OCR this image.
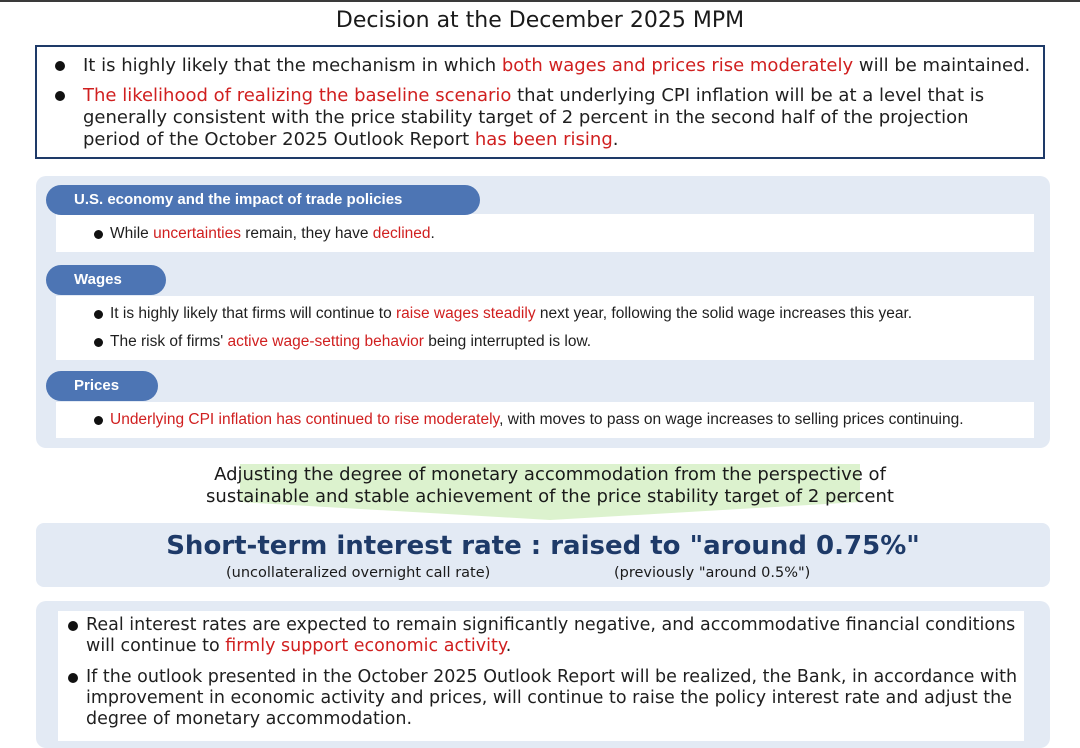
Decision at the December 2025 MPM
It is highly likely that the mechanism in which both wages and prices rise moderately will be maintained.
The likelihood of realizing the baseline scenario that underlying CPI inflation will be at a level that is generally consistent with the price stability target of 2 percent in the second half of the projection period of the October 2025 Outlook Report has been rising.
While uncertainties remain, they have declined.
U.S. economy and the impact of trade policies
It is highly likely that firms will continue to raise wages steadily next year, following the solid wage increases this year.
The risk of firms' active wage-setting behavior being interrupted is low.
Wages
Underlying CPI inflation has continued to rise moderately, with moves to pass on wage increases to selling prices continuing.
Prices
Adjusting the degree of monetary accommodation from the perspective of
sustainable and stable achievement of the price stability target of 2 percent
Short-term interest rate : raised to "around 0.75%"
(uncollateralized overnight call rate)	(previously "around 0.5%")
Real interest rates are expected to remain significantly negative, and accommodative financial conditions will continue to firmly support economic activity.
If the outlook presented in the October 2025 Outlook Report will be realized, the Bank, in accordance with improvement in economic activity and prices, will continue to raise the policy interest rate and adjust the degree of monetary accommodation.
